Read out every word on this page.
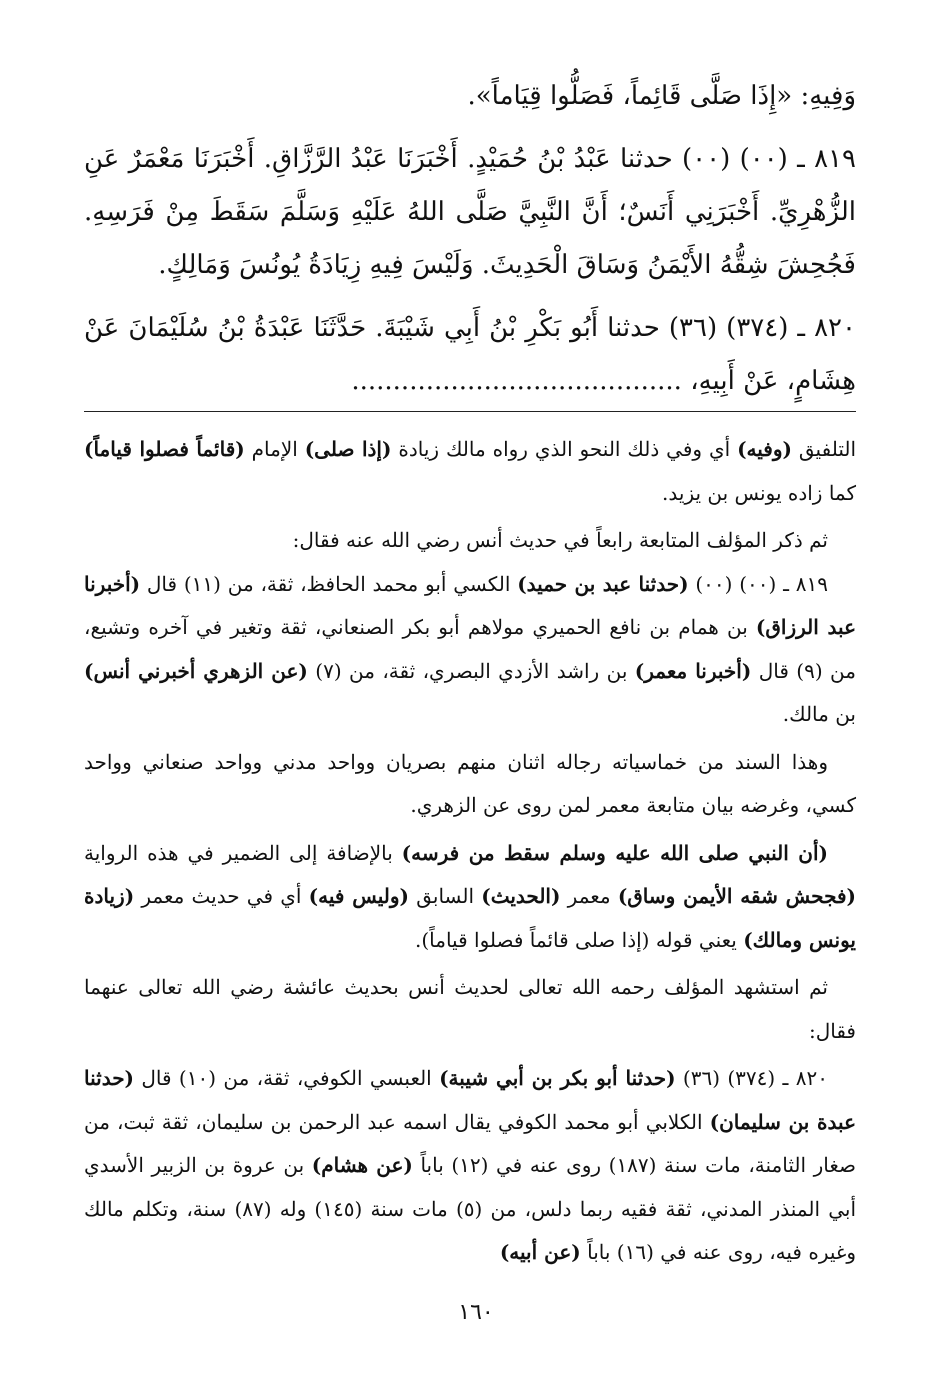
وَفِيهِ: «إِذَا صَلَّى قَائِماً، فَصَلُّوا قِيَاماً».

٨١٩ ـ (٠٠) (٠٠) حدثنا عَبْدُ بْنُ حُمَيْدٍ. أَخْبَرَنَا عَبْدُ الرَّزَّاقِ. أَخْبَرَنَا مَعْمَرٌ عَنِ الزُّهْرِيِّ. أَخْبَرَنِي أَنَسٌ؛ أَنَّ النَّبِيَّ صَلَّى اللهُ عَلَيْهِ وَسَلَّمَ سَقَطَ مِنْ فَرَسِهِ. فَجُحِشَ شِقُّهُ الأَيْمَنُ وَسَاقَ الْحَدِيثَ. وَلَيْسَ فِيهِ زِيَادَةُ يُونُسَ وَمَالِكٍ.

٨٢٠ ـ (٣٧٤) (٣٦) حدثنا أَبُو بَكْرِ بْنُ أَبِي شَيْبَةَ. حَدَّثَنَا عَبْدَةُ بْنُ سُلَيْمَانَ عَنْ هِشَامٍ، عَنْ أَبِيهِ، ........................................

التلفيق (وفيه) أي وفي ذلك النحو الذي رواه مالك زيادة (إذا صلى) الإمام (قائماً فصلوا قياماً) كما زاده يونس بن يزيد.

ثم ذكر المؤلف المتابعة رابعاً في حديث أنس رضي الله عنه فقال:

٨١٩ ـ (٠٠) (٠٠) (حدثنا عبد بن حميد) الكسي أبو محمد الحافظ، ثقة، من (١١) قال (أخبرنا عبد الرزاق) بن همام بن نافع الحميري مولاهم أبو بكر الصنعاني، ثقة وتغير في آخره وتشيع، من (٩) قال (أخبرنا معمر) بن راشد الأزدي البصري، ثقة، من (٧) (عن الزهري أخبرني أنس) بن مالك.

وهذا السند من خماسياته رجاله اثنان منهم بصريان وواحد مدني وواحد صنعاني وواحد كسي، وغرضه بيان متابعة معمر لمن روى عن الزهري.

(أن النبي صلى الله عليه وسلم سقط من فرسه) بالإضافة إلى الضمير في هذه الرواية (فجحش شقه الأيمن وساق) معمر (الحديث) السابق (وليس فيه) أي في حديث معمر (زيادة يونس ومالك) يعني قوله (إذا صلى قائماً فصلوا قياماً).

ثم استشهد المؤلف رحمه الله تعالى لحديث أنس بحديث عائشة رضي الله تعالى عنهما فقال:

٨٢٠ ـ (٣٧٤) (٣٦) (حدثنا أبو بكر بن أبي شيبة) العبسي الكوفي، ثقة، من (١٠) قال (حدثنا عبدة بن سليمان) الكلابي أبو محمد الكوفي يقال اسمه عبد الرحمن بن سليمان، ثقة ثبت، من صغار الثامنة، مات سنة (١٨٧) روى عنه في (١٢) باباً (عن هشام) بن عروة بن الزبير الأسدي أبي المنذر المدني، ثقة فقيه ربما دلس، من (٥) مات سنة (١٤٥) وله (٨٧) سنة، وتكلم مالك وغيره فيه، روى عنه في (١٦) باباً (عن أبيه)

١٦٠
